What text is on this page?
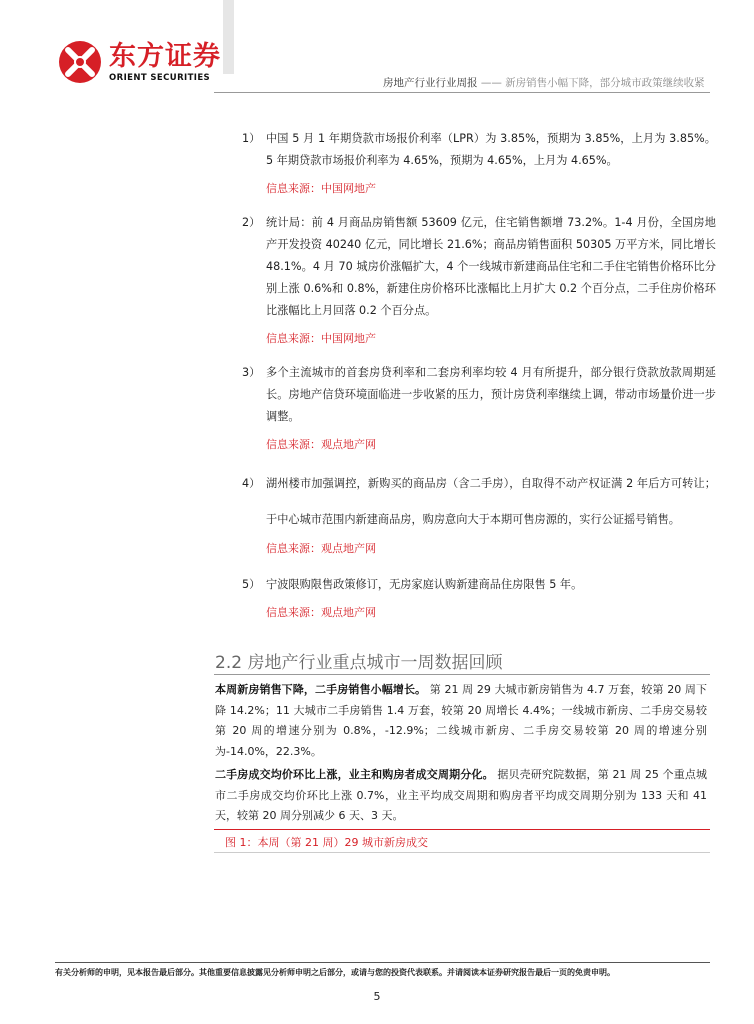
东方证券
ORIENT SECURITIES	房地产行业行业周报 —— 新房销售小幅下降，部分城市政策继续收紧
1） 中国 5 月 1 年期贷款市场报价利率（LPR）为 3.85%，预期为 3.85%，上月为 3.85%。5 年期贷款市场报价利率为 4.65%，预期为 4.65%，上月为 4.65%。
信息来源：中国网地产
2） 统计局：前 4 月商品房销售额 53609 亿元，住宅销售额增 73.2%。1-4 月份，全国房地产开发投资 40240 亿元，同比增长 21.6%；商品房销售面积 50305 万平方米，同比增长 48.1%。4 月 70 城房价涨幅扩大，4 个一线城市新建商品住宅和二手住宅销售价格环比分别上涨 0.6%和 0.8%，新建住房价格环比涨幅比上月扩大 0.2 个百分点，二手住房价格环比涨幅比上月回落 0.2 个百分点。
信息来源：中国网地产
3） 多个主流城市的首套房贷利率和二套房利率均较 4 月有所提升，部分银行贷款放款周期延长。房地产信贷环境面临进一步收紧的压力，预计房贷利率继续上调，带动市场量价进一步调整。
信息来源：观点地产网
4） 湖州楼市加强调控，新购买的商品房（含二手房），自取得不动产权证满 2 年后方可转让；于中心城市范围内新建商品房，购房意向大于本期可售房源的，实行公证摇号销售。
信息来源：观点地产网
5） 宁波限购限售政策修订，无房家庭认购新建商品住房限售 5 年。
信息来源：观点地产网
2.2 房地产行业重点城市一周数据回顾
本周新房销售下降，二手房销售小幅增长。 第 21 周 29 大城市新房销售为 4.7 万套，较第 20 周下降 14.2%；11 大城市二手房销售 1.4 万套，较第 20 周增长 4.4%；一线城市新房、二手房交易较第 20 周的增速分别为 0.8%，-12.9%；二线城市新房、二手房交易较第 20 周的增速分别为-14.0%，22.3%。
二手房成交均价环比上涨，业主和购房者成交周期分化。 据贝壳研究院数据，第 21 周 25 个重点城市二手房成交均价环比上涨 0.7%，业主平均成交周期和购房者平均成交周期分别为 133 天和 41 天，较第 20 周分别减少 6 天、3 天。
图 1：本周（第 21 周）29 城市新房成交
有关分析师的申明，见本报告最后部分。其他重要信息披露见分析师申明之后部分，或请与您的投资代表联系。并请阅读本证券研究报告最后一页的免责申明。
5
